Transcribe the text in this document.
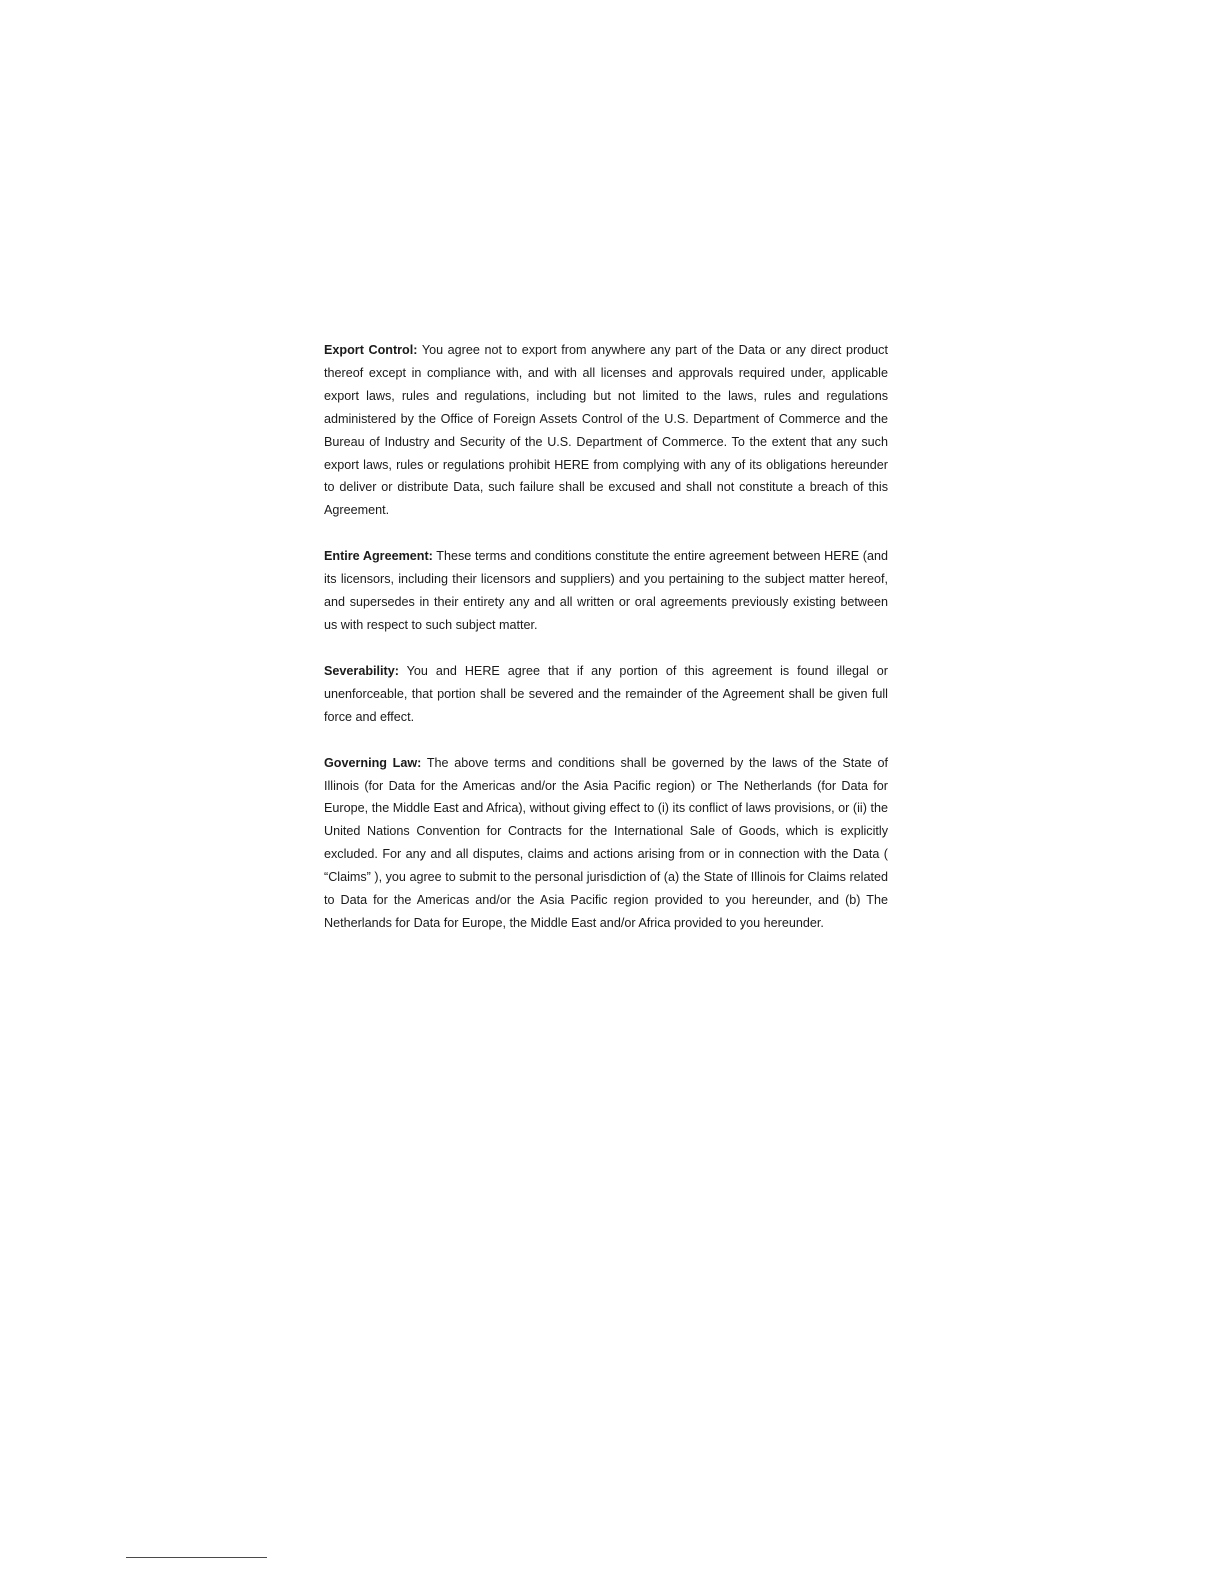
Export Control: You agree not to export from anywhere any part of the Data or any direct product thereof except in compliance with, and with all licenses and approvals required under, applicable export laws, rules and regulations, including but not limited to the laws, rules and regulations administered by the Office of Foreign Assets Control of the U.S. Department of Commerce and the Bureau of Industry and Security of the U.S. Department of Commerce. To the extent that any such export laws, rules or regulations prohibit HERE from complying with any of its obligations hereunder to deliver or distribute Data, such failure shall be excused and shall not constitute a breach of this Agreement.

Entire Agreement: These terms and conditions constitute the entire agreement between HERE (and its licensors, including their licensors and suppliers) and you pertaining to the subject matter hereof, and supersedes in their entirety any and all written or oral agreements previously existing between us with respect to such subject matter.

Severability: You and HERE agree that if any portion of this agreement is found illegal or unenforceable, that portion shall be severed and the remainder of the Agreement shall be given full force and effect.

Governing Law: The above terms and conditions shall be governed by the laws of the State of Illinois (for Data for the Americas and/or the Asia Pacific region) or The Netherlands (for Data for Europe, the Middle East and Africa), without giving effect to (i) its conflict of laws provisions, or (ii) the United Nations Convention for Contracts for the International Sale of Goods, which is explicitly excluded. For any and all disputes, claims and actions arising from or in connection with the Data ( “Claims” ), you agree to submit to the personal jurisdiction of (a) the State of Illinois for Claims related to Data for the Americas and/or the Asia Pacific region provided to you hereunder, and (b) The Netherlands for Data for Europe, the Middle East and/or Africa provided to you hereunder.
